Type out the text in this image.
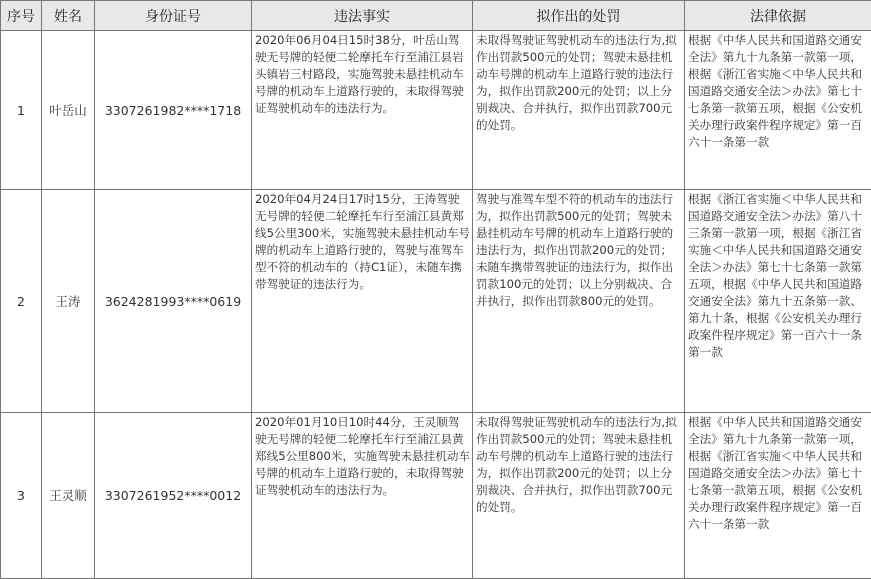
序号	姓名	身份证号	违法事实	拟作出的处罚	法律依据
1	叶岳山	3307261982****1718	2020年06月04日15时38分，叶岳山驾驶无号牌的轻便二轮摩托车行至浦江县岩头镇岩三村路段，实施驾驶未悬挂机动车号牌的机动车上道路行驶的，未取得驾驶证驾驶机动车的违法行为。	未取得驾驶证驾驶机动车的违法行为,拟作出罚款500元的处罚；驾驶未悬挂机动车号牌的机动车上道路行驶的违法行为，拟作出罚款200元的处罚；以上分别裁决、合并执行，拟作出罚款700元的处罚。	根据《中华人民共和国道路交通安全法》第九十九条第一款第一项，根据《浙江省实施＜中华人民共和国道路交通安全法＞办法》第七十七条第一款第五项，根据《公安机关办理行政案件程序规定》第一百六十一条第一款
2	王涛	3624281993****0619	2020年04月24日17时15分，王涛驾驶无号牌的轻便二轮摩托车行至浦江县黄郑线5公里300米，实施驾驶未悬挂机动车号牌的机动车上道路行驶的，驾驶与准驾车型不符的机动车的（持C1证），未随车携带驾驶证的违法行为。	驾驶与准驾车型不符的机动车的违法行为，拟作出罚款500元的处罚；驾驶未悬挂机动车号牌的机动车上道路行驶的违法行为，拟作出罚款200元的处罚；未随车携带驾驶证的违法行为，拟作出罚款100元的处罚；以上分别裁决、合并执行，拟作出罚款800元的处罚。	根据《浙江省实施＜中华人民共和国道路交通安全法＞办法》第八十三条第一款第一项，根据《浙江省实施＜中华人民共和国道路交通安全法＞办法》第七十七条第一款第五项，根据《中华人民共和国道路交通安全法》第九十五条第一款、第九十条，根据《公安机关办理行政案件程序规定》第一百六十一条第一款
3	王灵顺	3307261952****0012	2020年01月10日10时44分，王灵顺驾驶无号牌的轻便二轮摩托车行至浦江县黄郑线5公里800米，实施驾驶未悬挂机动车号牌的机动车上道路行驶的，未取得驾驶证驾驶机动车的违法行为。	未取得驾驶证驾驶机动车的违法行为,拟作出罚款500元的处罚；驾驶未悬挂机动车号牌的机动车上道路行驶的违法行为，拟作出罚款200元的处罚；以上分别裁决、合并执行，拟作出罚款700元的处罚。	根据《中华人民共和国道路交通安全法》第九十九条第一款第一项，根据《浙江省实施＜中华人民共和国道路交通安全法＞办法》第七十七条第一款第五项，根据《公安机关办理行政案件程序规定》第一百六十一条第一款
